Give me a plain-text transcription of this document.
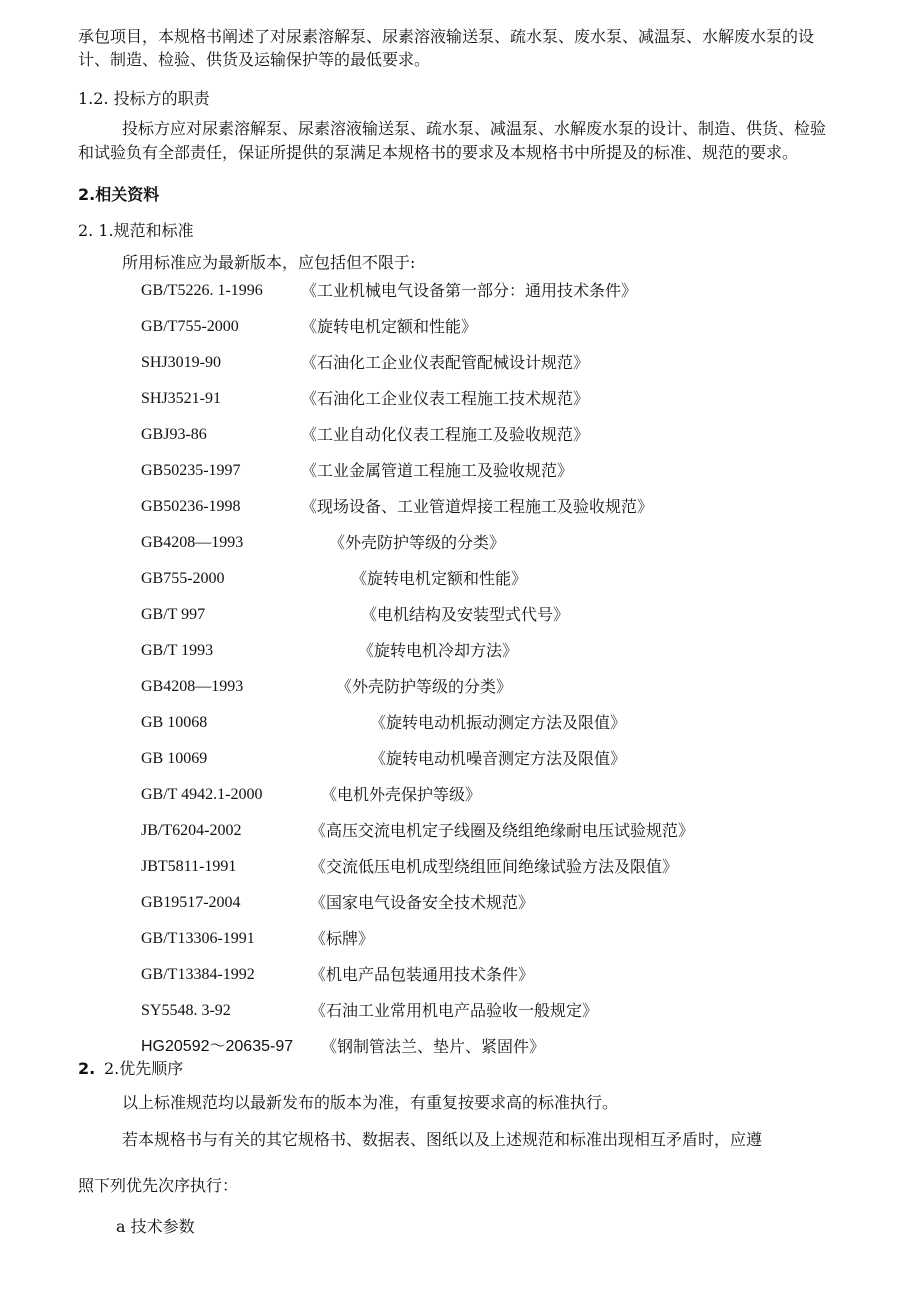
承包项目，本规格书阐述了对尿素溶解泵、尿素溶液输送泵、疏水泵、废水泵、减温泵、水解废水泵的设
计、制造、检验、供货及运输保护等的最低要求。
1.2. 投标方的职责
投标方应对尿素溶解泵、尿素溶液输送泵、疏水泵、减温泵、水解废水泵的设计、制造、供货、检验
和试验负有全部责任，保证所提供的泵满足本规格书的要求及本规格书中所提及的标准、规范的要求。
2.相关资料
2. 1.规范和标准
所用标准应为最新版本，应包括但不限于:
GB/T5226. 1-1996 《工业机械电气设备第一部分：通用技术条件》
GB/T755-2000	《旋转电机定额和性能》
SHJ3019-90	《石油化工企业仪表配管配械设计规范》
SHJ3521-91	《石油化工企业仪表工程施工技术规范》
GBJ93-86	《工业自动化仪表工程施工及验收规范》
GB50235-1997	《工业金属管道工程施工及验收规范》
GB50236-1998	《现场设备、工业管道焊接工程施工及验收规范》
GB4208—1993	《外壳防护等级的分类》
GB755-2000	《旋转电机定额和性能》
GB/T 997	《电机结构及安装型式代号》
GB/T 1993	《旋转电机冷却方法》
GB4208—1993	《外壳防护等级的分类》
GB 10068	《旋转电动机振动测定方法及限值》
GB 10069	《旋转电动机噪音测定方法及限值》
GB/T 4942.1-2000	《电机外壳保护等级》
JB/T6204-2002	《高压交流电机定子线圈及绕组绝缘耐电压试验规范》
JBT5811-1991	《交流低压电机成型绕组匝间绝缘试验方法及限值》
GB19517-2004	《国家电气设备安全技术规范》
GB/T13306-1991	《标牌》
GB/T13384-1992	《机电产品包装通用技术条件》
SY5548. 3-92	《石油工业常用机电产品验收一般规定》
HG20592～20635-97 《钢制管法兰、垫片、紧固件》
2. 2.优先顺序
以上标准规范均以最新发布的版本为准，有重复按要求高的标准执行。
若本规格书与有关的其它规格书、数据表、图纸以及上述规范和标准出现相互矛盾时，应遵
照下列优先次序执行：
a 技术参数
